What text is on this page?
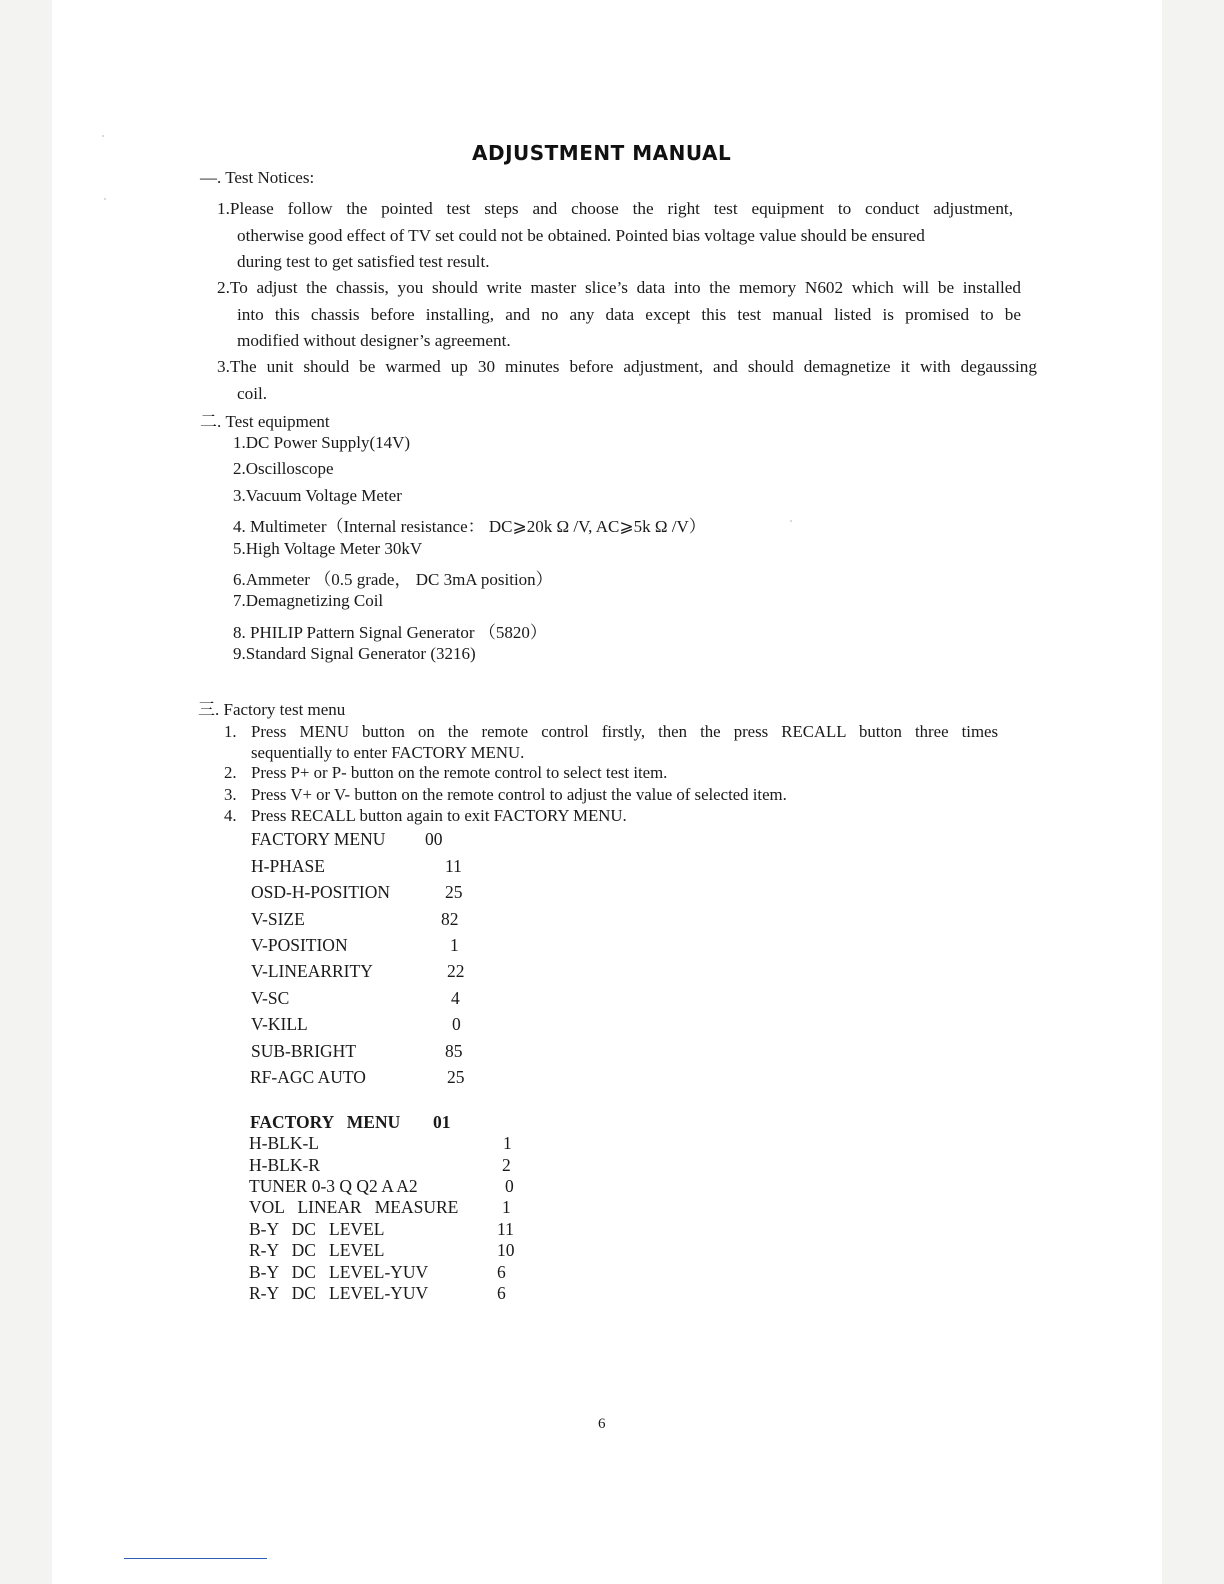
ADJUSTMENT MANUAL
—. Test Notices:
1.Please follow the pointed test steps and choose the right test equipment to conduct adjustment,
otherwise good effect of TV set could not be obtained. Pointed bias voltage value should be ensured
during test to get satisfied test result.
2.To adjust the chassis, you should write master slice’s data into the memory N602 which will be installed
into this chassis before installing, and no any data except this test manual listed is promised to be
modified without designer’s agreement.
3.The unit should be warmed up 30 minutes before adjustment, and should demagnetize it with degaussing
coil.
二. Test equipment
1.DC Power Supply(14V)
2.Oscilloscope
3.Vacuum Voltage Meter
4. Multimeter（Internal resistance： DC⩾20k Ω /V, AC⩾5k Ω /V）
5.High Voltage Meter 30kV
6.Ammeter （0.5 grade， DC 3mA position）
7.Demagnetizing Coil
8. PHILIP Pattern Signal Generator （5820）
9.Standard Signal Generator (3216)
三. Factory test menu
1. Press MENU button on the remote control firstly, then the press RECALL button three times
sequentially to enter FACTORY MENU.
2. Press P+ or P- button on the remote control to select test item.
3. Press V+ or V- button on the remote control to adjust the value of selected item.
4. Press RECALL button again to exit FACTORY MENU.
FACTORY MENU 00
H-PHASE	11
OSD-H-POSITION	25
V-SIZE	82
V-POSITION	1
V-LINEARRITY	22
V-SC	4
V-KILL	0
SUB-BRIGHT	85
RF-AGC AUTO	25
FACTORY   MENU 01
H-BLK-L	1
H-BLK-R	2
TUNER 0-3 Q Q2 A A2	0
VOL   LINEAR   MEASURE 1
B-Y   DC   LEVEL	11
R-Y   DC   LEVEL	10
B-Y   DC   LEVEL-YUV	6
R-Y   DC   LEVEL-YUV	6
6
